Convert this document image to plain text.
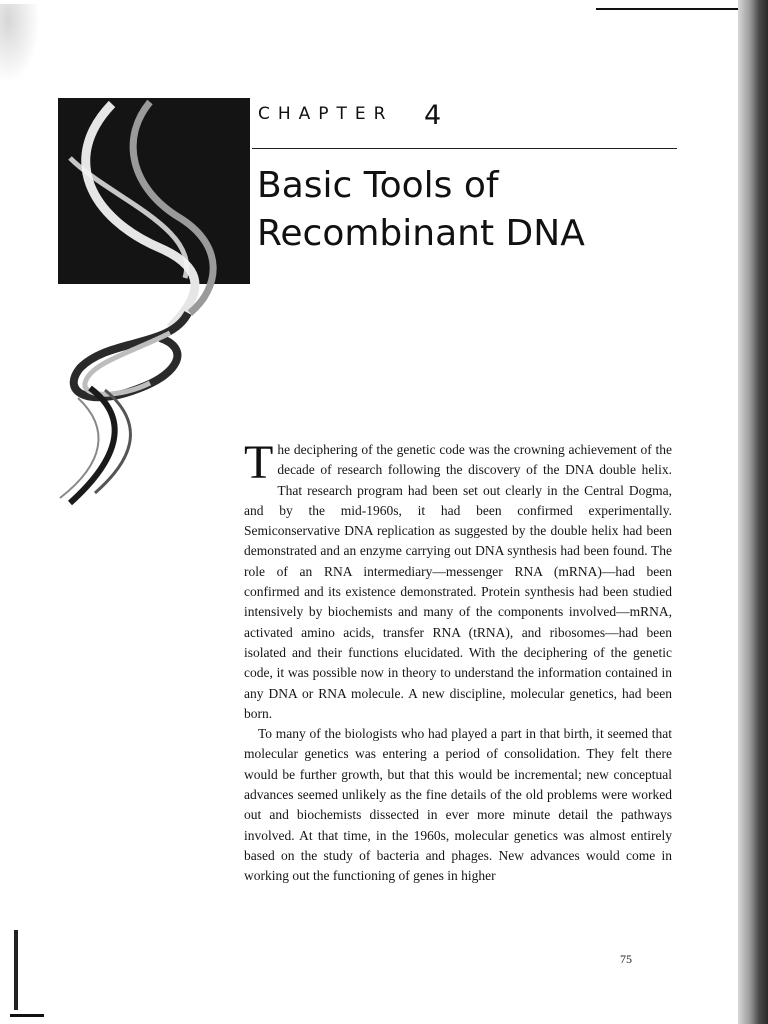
CHAPTER 4
Basic Tools of Recombinant DNA

The deciphering of the genetic code was the crowning achievement of the decade of research following the discovery of the DNA double helix. That research program had been set out clearly in the Central Dogma, and by the mid-1960s, it had been confirmed experimentally. Semiconservative DNA replication as suggested by the double helix had been demonstrated and an enzyme carrying out DNA synthesis had been found. The role of an RNA intermediary—messenger RNA (mRNA)—had been confirmed and its existence demonstrated. Protein synthesis had been studied intensively by biochemists and many of the components involved—mRNA, activated amino acids, transfer RNA (tRNA), and ribosomes—had been isolated and their functions elucidated. With the deciphering of the genetic code, it was possible now in theory to understand the information contained in any DNA or RNA molecule. A new discipline, molecular genetics, had been born.

To many of the biologists who had played a part in that birth, it seemed that molecular genetics was entering a period of consolidation. They felt there would be further growth, but that this would be incremental; new conceptual advances seemed unlikely as the fine details of the old problems were worked out and biochemists dissected in ever more minute detail the pathways involved. At that time, in the 1960s, molecular genetics was almost entirely based on the study of bacteria and phages. New advances would come in working out the functioning of genes in higher

75
